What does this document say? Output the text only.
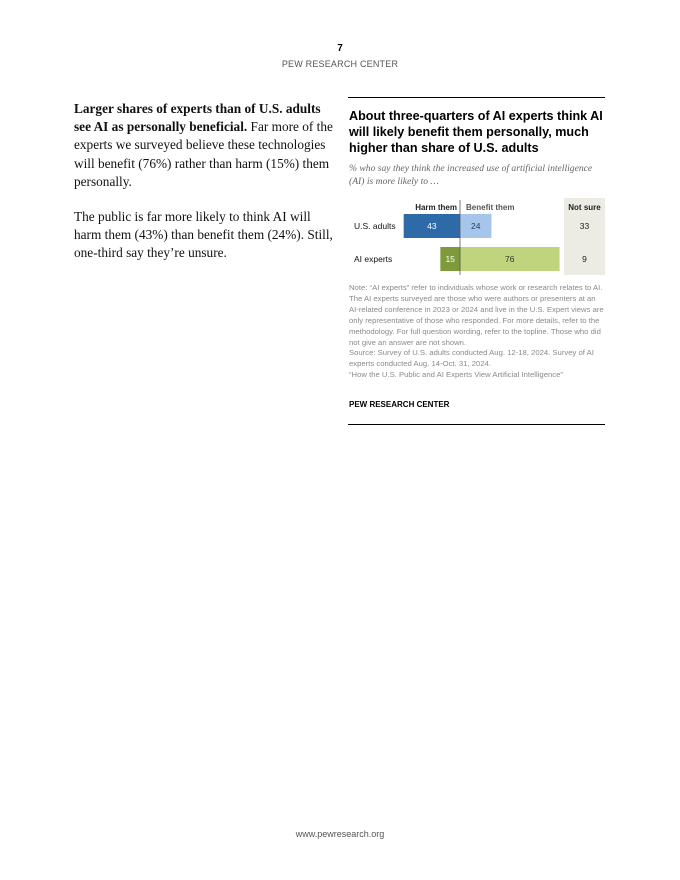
7
PEW RESEARCH CENTER

Larger shares of experts than of U.S. adults see AI as personally beneficial. Far more of the experts we surveyed believe these technologies will benefit (76%) rather than harm (15%) them personally.

The public is far more likely to think AI will harm them (43%) than benefit them (24%). Still, one-third say they’re unsure.

About three-quarters of AI experts think AI will likely benefit them personally, much higher than share of U.S. adults
% who say they think the increased use of artificial intelligence (AI) is more likely to …
Harm them Benefit them	Not sure
U.S. adults	43	24	33
AI experts	15	76	9
Note: “AI experts” refer to individuals whose work or research relates to AI. The AI experts surveyed are those who were authors or presenters at an AI-related conference in 2023 or 2024 and live in the U.S. Expert views are only representative of those who responded. For more details, refer to the methodology. For full question wording, refer to the topline. Those who did not give an answer are not shown.
Source: Survey of U.S. adults conducted Aug. 12-18, 2024. Survey of AI experts conducted Aug. 14-Oct. 31, 2024.
“How the U.S. Public and AI Experts View Artificial Intelligence”
PEW RESEARCH CENTER
www.pewresearch.org
